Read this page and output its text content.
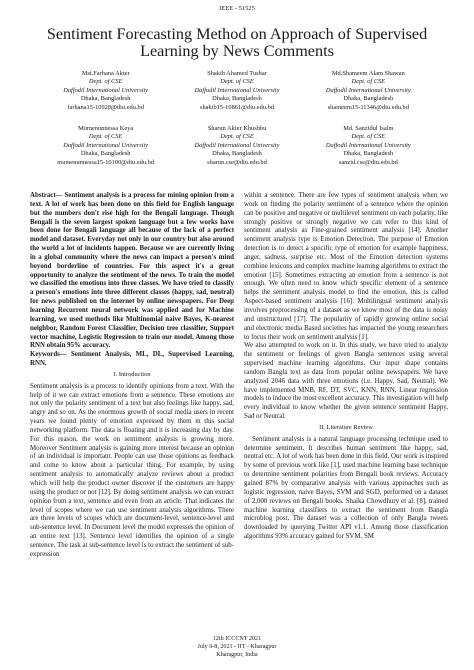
IEEE - 51525
Sentiment Forecasting Method on Approach of Supervised Learning by News Comments
Mst.Farhana Akter
Dept. of CSE
Daffodil International University
Dhaka, Bangladesh
farhana15-10928@diu.edu.bd
Shakib Ahamed Tushar
Dept. of CSE
Daffodil International University
Dhaka, Bangladesh
shakib15-10861@diu.edu.bd
Md.Shameem Alam Shawan
Dept. of CSE
Daffodil International University
Dhaka, Bangladesh
shameem15-11346@diu.edu.bd
Mumenunnessa Keya
Dept. of CSE
Daffodil International University
Dhaka, Bangladesh
mumenunnessa15-10100@diu.edu.bd
Sharun Akter Khushbu
Dept. of CSE
Daffodil International University
Dhaka, Bangladesh
sharun.cse@diu.edu.bd
Md. Sanzidul Isalm
Dept. of CSE
Daffodil International University
Dhaka, Bangladesh
sanzid.cse@diu.edu.bd

Abstract— Sentiment analysis is a process for mining opinion from a text. A lot of work has been done on this field for English language but the numbers don't rise high for the Bengali language. Though Bengali is the seven largest spoken language but a few works have been done for Bengali language all because of the lack of a perfect model and dataset. Everyday not only in our country but also around the world a lot of incidents happen. Because we are currently living in a global community where the news can impact a person's mind beyond borderline of countries. For this aspect it's a great opportunity to analyze the sentiment of the news. To train the model we classified the emotions into three classes. We have tried to classify a person's emotions into three different classes (happy, sad, neutral) for news published on the internet by online newspapers. For Deep learning Recurrent neural network was applied and for Machine learning, we used methods like Multinomial naive Bayes, K-nearest neighbor, Random Forest Classifier, Decision tree classifier, Support vector machine, Logistic Regression to train our model. Among those RNN obtain 95% accuracy.

Keywords— Sentiment Analysis, ML, DL, Supervised Learning, RNN.

I. Introduction

Sentiment analysis is a process to identify opinions from a text. With the help of it we can extract emotions from a sentence. These emotions are not only the polarity sentiment of a text but also feelings like happy, sad, angry and so on. As the enormous growth of social media users in recent years we found plenty of emotion expressed by them in this social networking platform. The data is floating and it is increasing day by day. For this reason, the work on sentiment analysis is growing more. Moreover Sentiment analysis is gaining more interest because an opinion of an individual is important. People can use those opinions as feedback and come to know about a particular thing. For example, by using sentiment analysis to automatically analyze reviews about a product which will help the product owner discover if the customers are happy using the product or not [12]. By doing sentiment analysis we can extract opinion from a text, sentence and even from an article. That indicates the level of scopes where we can use sentiment analysis algorithms. There are three levels of scopes which are document-level, sentence-level and sub-sentence level. In Document level the model expresses the opinion of an entire text [13]. Sentence level identifies the opinion of a single sentence. The task at sub-sentence level is to extract the sentiment of sub-expression

within a sentence. There are few types of sentiment analysis when we work on finding the polarity sentiment of a sentence where the opinion can be positive and negative or multilevel sentiment on each polarity, like strongly positive or strongly negative we can refer to this kind of sentiment analysis as Fine-grained sentiment analysis [14]. Another sentiment analysis type is Emotion Detection. The purpose of Emotion detection is to detect a specific type of emotion for example happiness, anger, sadness, surprise etc. Most of the Emotion detection systems combine lexicons and complex machine learning algorithms to extract the emotion [15]. Sometimes extracting an emotion from a sentence is not enough. We often need to know which specific element of a sentence helps the sentiment analysis model to find the emotion, this is called Aspect-based sentiment analysis [16]. Multilingual sentiment analysis involves preprocessing of a dataset as we know most of the data is noisy and unstructured [17]. The popularity of rapidly growing online social and electronic media Based societies has impacted the young researchers to focus their work on sentiment analysis [1].

We also attempted to work on it. In this study, we have tried to analyze the sentiment or feelings of given Bangla sentences using several supervised machine learning algorithms. Our input shape contains random Bangla text as data from popular online newspapers. We have analyzed 2046 data with three emotions (i.e. Happy, Sad, Neutral). We have implemented MNB, RF, DT, SVC, KNN, RNN, Linear regression models to induce the most excellent accuracy. This investigation will help every individual to know whether the given sentence sentiment Happy, Sad or Neutral.

II. Literature Review

Sentiment analysis is a natural language processing technique used to determine sentiment. It describes human sentiment like happy, sad, neutral etc. A lot of work has been done in this field. Our work is inspired by some of previous work like [1], used machine learning base technique to determine sentiment polarities from Bengali book reviews. Accuracy gained 87% by comparative analysis with various approaches such as logistic regression, naive Bayes, SVM and SGD, performed on a dataset of 2,000 reviews on Bengali books. Shaika Chowdhury et al. [8], trained machine learning classifiers to extract the sentiment from Bangla microblog post. The dataset was a collection of only Bangla tweets downloaded by querying Twitter API v1.1. Among those classification algorithms 93% accuracy gained for SVM. SM

12th ICCCNT 2021
July 6-8, 2021 - IIT - Kharagpur
Kharagpur, India
